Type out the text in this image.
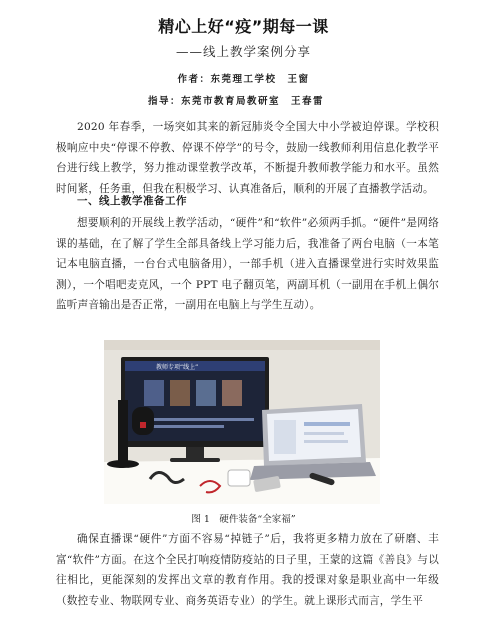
精心上好“疫”期每一课
——线上教学案例分享
作者：东莞理工学校　王窗
指导：东莞市教育局教研室　王春雷

2020 年春季，一场突如其来的新冠肺炎令全国大中小学被迫停课。学校积极响应中央“停课不停教、停课不停学”的号令，鼓励一线教师利用信息化教学平台进行线上教学，努力推动课堂教学改革，不断提升教师教学能力和水平。虽然时间紧，任务重，但我在积极学习、认真准备后，顺利的开展了直播教学活动。

一、线上教学准备工作

想要顺利的开展线上教学活动，“硬件”和“软件”必须两手抓。“硬件”是网络课的基础，在了解了学生全部具备线上学习能力后，我准备了两台电脑（一本笔记本电脑直播，一台台式电脑备用），一部手机（进入直播课堂进行实时效果监测），一个唱吧麦克风，一个 PPT 电子翻页笔，两副耳机（一副用在手机上偶尔监听声音输出是否正常，一副用在电脑上与学生互动）。

教师专项“线上”
图 1　硬件装备“全家福”

确保直播课“硬件”方面不容易“掉链子”后，我将更多精力放在了研磨、丰富“软件”方面。在这个全民打响疫情防疫站的日子里，王蒙的这篇《善良》与以往相比，更能深刻的发挥出文章的教育作用。我的授课对象是职业高中一年级（数控专业、物联网专业、商务英语专业）的学生。就上课形式而言，学生平
